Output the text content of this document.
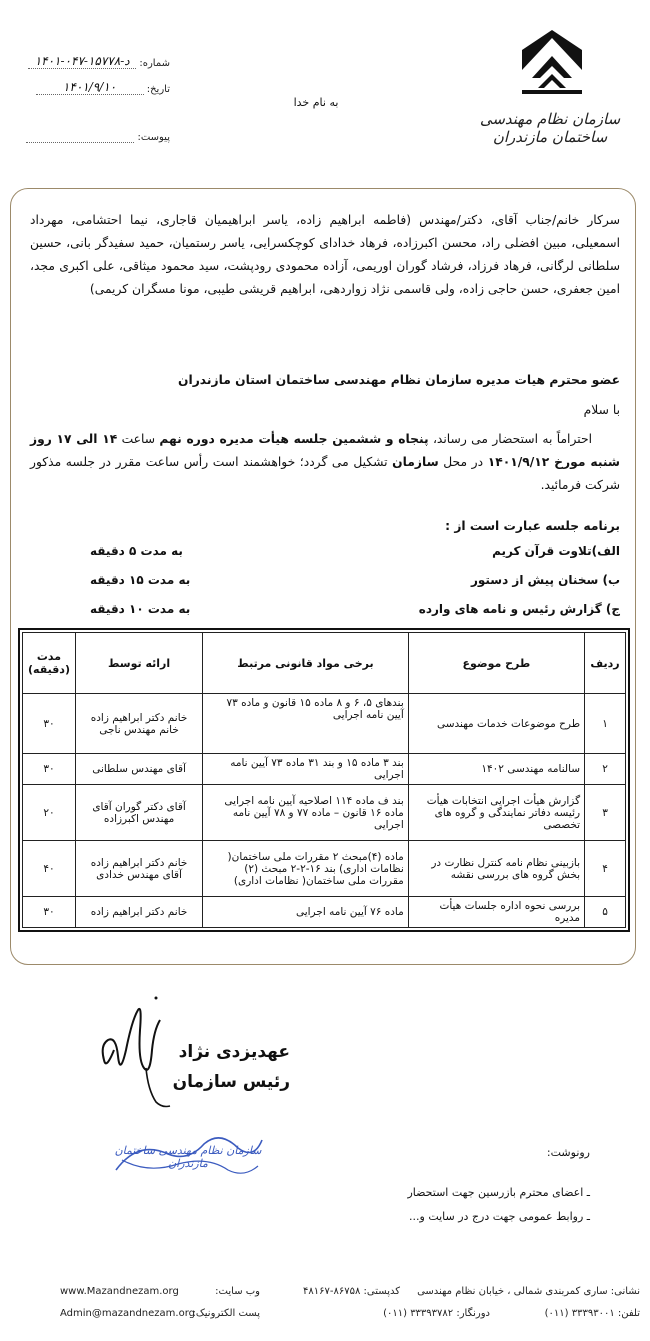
سازمان نظام مهندسی ساختمان مازندران
به نام خدا
شماره: ۱۴۰۱-۰۴۷-د-۱۵۷۷۸
تاریخ: ۱۴۰۱/۹/۱۰
پیوست:
سرکار خانم/جناب آقای، دکتر/مهندس (فاطمه ابراهیم زاده، یاسر ابراهیمیان قاجاری، نیما احتشامی، مهرداد اسمعیلی، مبین افضلی راد، محسن اکبرزاده، فرهاد خدادای کوچکسرایی، یاسر رستمیان، حمید سفیدگر بانی، حسین سلطانی لرگانی، فرهاد فرزاد، فرشاد گوران اوریمی، آزاده محمودی رودپشت، سید محمود میثاقی، علی اکبری مجد، امین جعفری، حسن حاجی زاده، ولی قاسمی نژاد زواردهی، ابراهیم قریشی طیبی، مونا مسگران کریمی)
عضو محترم هیات مدیره سازمان نظام مهندسی ساختمان استان مازندران
با سلام
احتراماً به استحضار می رساند، پنجاه و ششمین جلسه هیأت مدیره دوره نهم ساعت ۱۴ الی ۱۷ روز شنبه مورخ ۱۴۰۱/۹/۱۲ در محل سازمان تشکیل می گردد؛ خواهشمند است رأس ساعت مقرر در جلسه مذکور شرکت فرمائید.
برنامه جلسه عبارت است از :
الف)تلاوت قرآن کریم
به مدت ۵ دقیقه
ب) سخنان پیش از دستور
به مدت ۱۵ دقیقه
ج) گزارش رئیس و نامه های وارده
به مدت ۱۰ دقیقه
ردیف	طرح موضوع	برخی مواد قانونی مرتبط	ارائه توسط	مدت (دقیقه)
۱	طرح موضوعات خدمات مهندسی	بندهای ۵، ۶ و ۸ ماده ۱۵ قانون و ماده ۷۳ آیین نامه اجرایی	خانم دکتر ابراهیم زاده خانم مهندس ناجی	۳۰
۲	سالنامه مهندسی ۱۴۰۲	بند ۳ ماده ۱۵ و بند ۳۱ ماده ۷۳ آیین نامه اجرایی	آقای مهندس سلطانی	۳۰
۳	گزارش هیأت اجرایی انتخابات هیأت رئیسه دفاتر نمایندگی و گروه های تخصصی	بند ف ماده ۱۱۴ اصلاحیه آیین نامه اجرایی ماده ۱۶ قانون – ماده ۷۷ و ۷۸ آیین نامه اجرایی	آقای دکتر گوران آقای مهندس اکبرزاده	۲۰
۴	بازبینی نظام نامه کنترل نظارت در بخش گروه های بررسی نقشه	ماده (۴)مبحث ۲ مقررات ملی ساختمان( نظامات اداری) بند ۱۶-۲-۲ مبحث (۲) مقررات ملی ساختمان( نظامات اداری)	خانم دکتر ابراهیم زاده آقای مهندس خدادی	۴۰
۵	بررسی نحوه اداره جلسات هیأت مدیره	ماده ۷۶ آیین نامه اجرایی	خانم دکتر ابراهیم زاده	۳۰
عهدیزدی نژاد
رئیس سازمان
سازمان نظام مهندسی ساختمان مازندران
رونوشت:
ـ اعضای محترم بازرسین جهت استحضار
ـ روابط عمومی جهت درج در سایت و...
نشانی: ساری کمربندی شمالی ، خیابان نظام مهندسی
کدپستی: ۸۶۷۵۸-۴۸۱۶۷
وب سایت:
www.Mazandnezam.org
تلفن: ۳۳۳۹۳۰۰۱ (۰۱۱)
دورنگار: ۳۳۳۹۳۷۸۲ (۰۱۱)
پست الکترونیک:
Admin@mazandnezam.org
